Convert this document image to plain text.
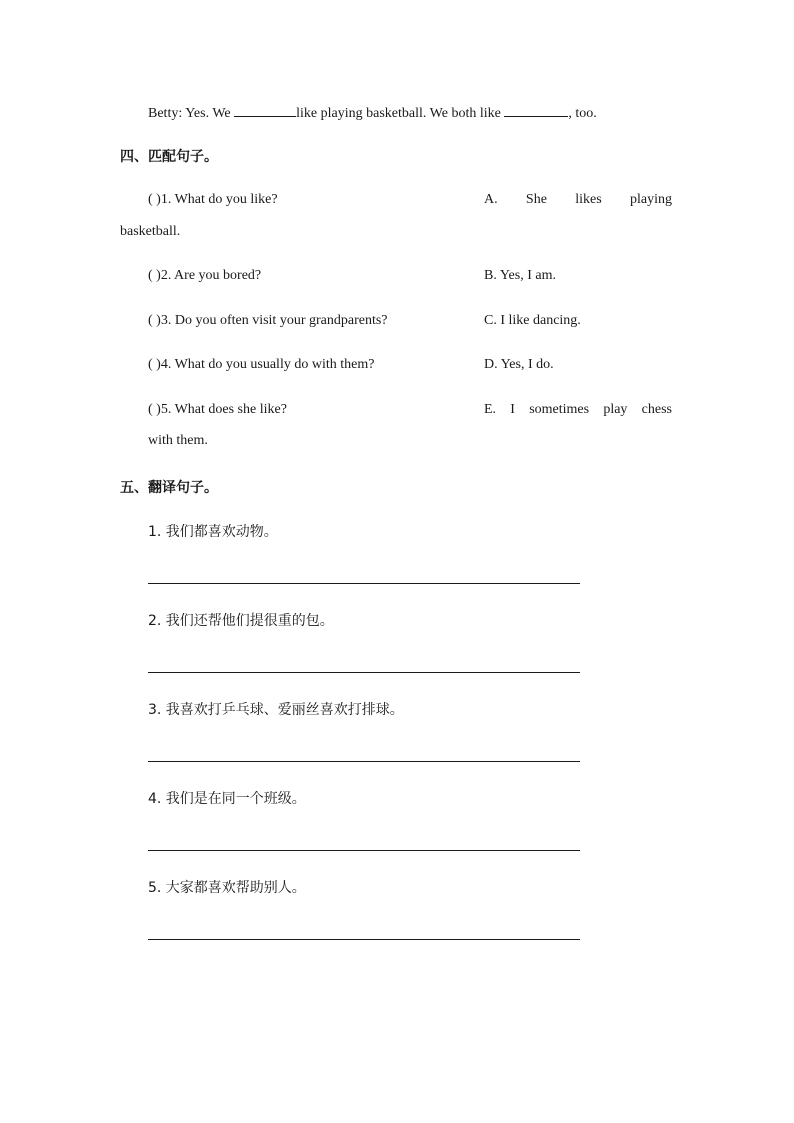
Betty: Yes. We	like playing basketball. We both like	, too.
四、匹配句子。
( )1. What do you like?	A. She likes playing
basketball.
( )2. Are you bored?	B. Yes, I am.
( )3. Do you often visit your grandparents?	C. I like dancing.
( )4. What do you usually do with them?	D. Yes, I do.
( )5. What does she like?	E. I sometimes play chess
with them.
五、翻译句子。
1. 我们都喜欢动物。
2. 我们还帮他们提很重的包。
3. 我喜欢打乒乓球、爱丽丝喜欢打排球。
4. 我们是在同一个班级。
5. 大家都喜欢帮助别人。
